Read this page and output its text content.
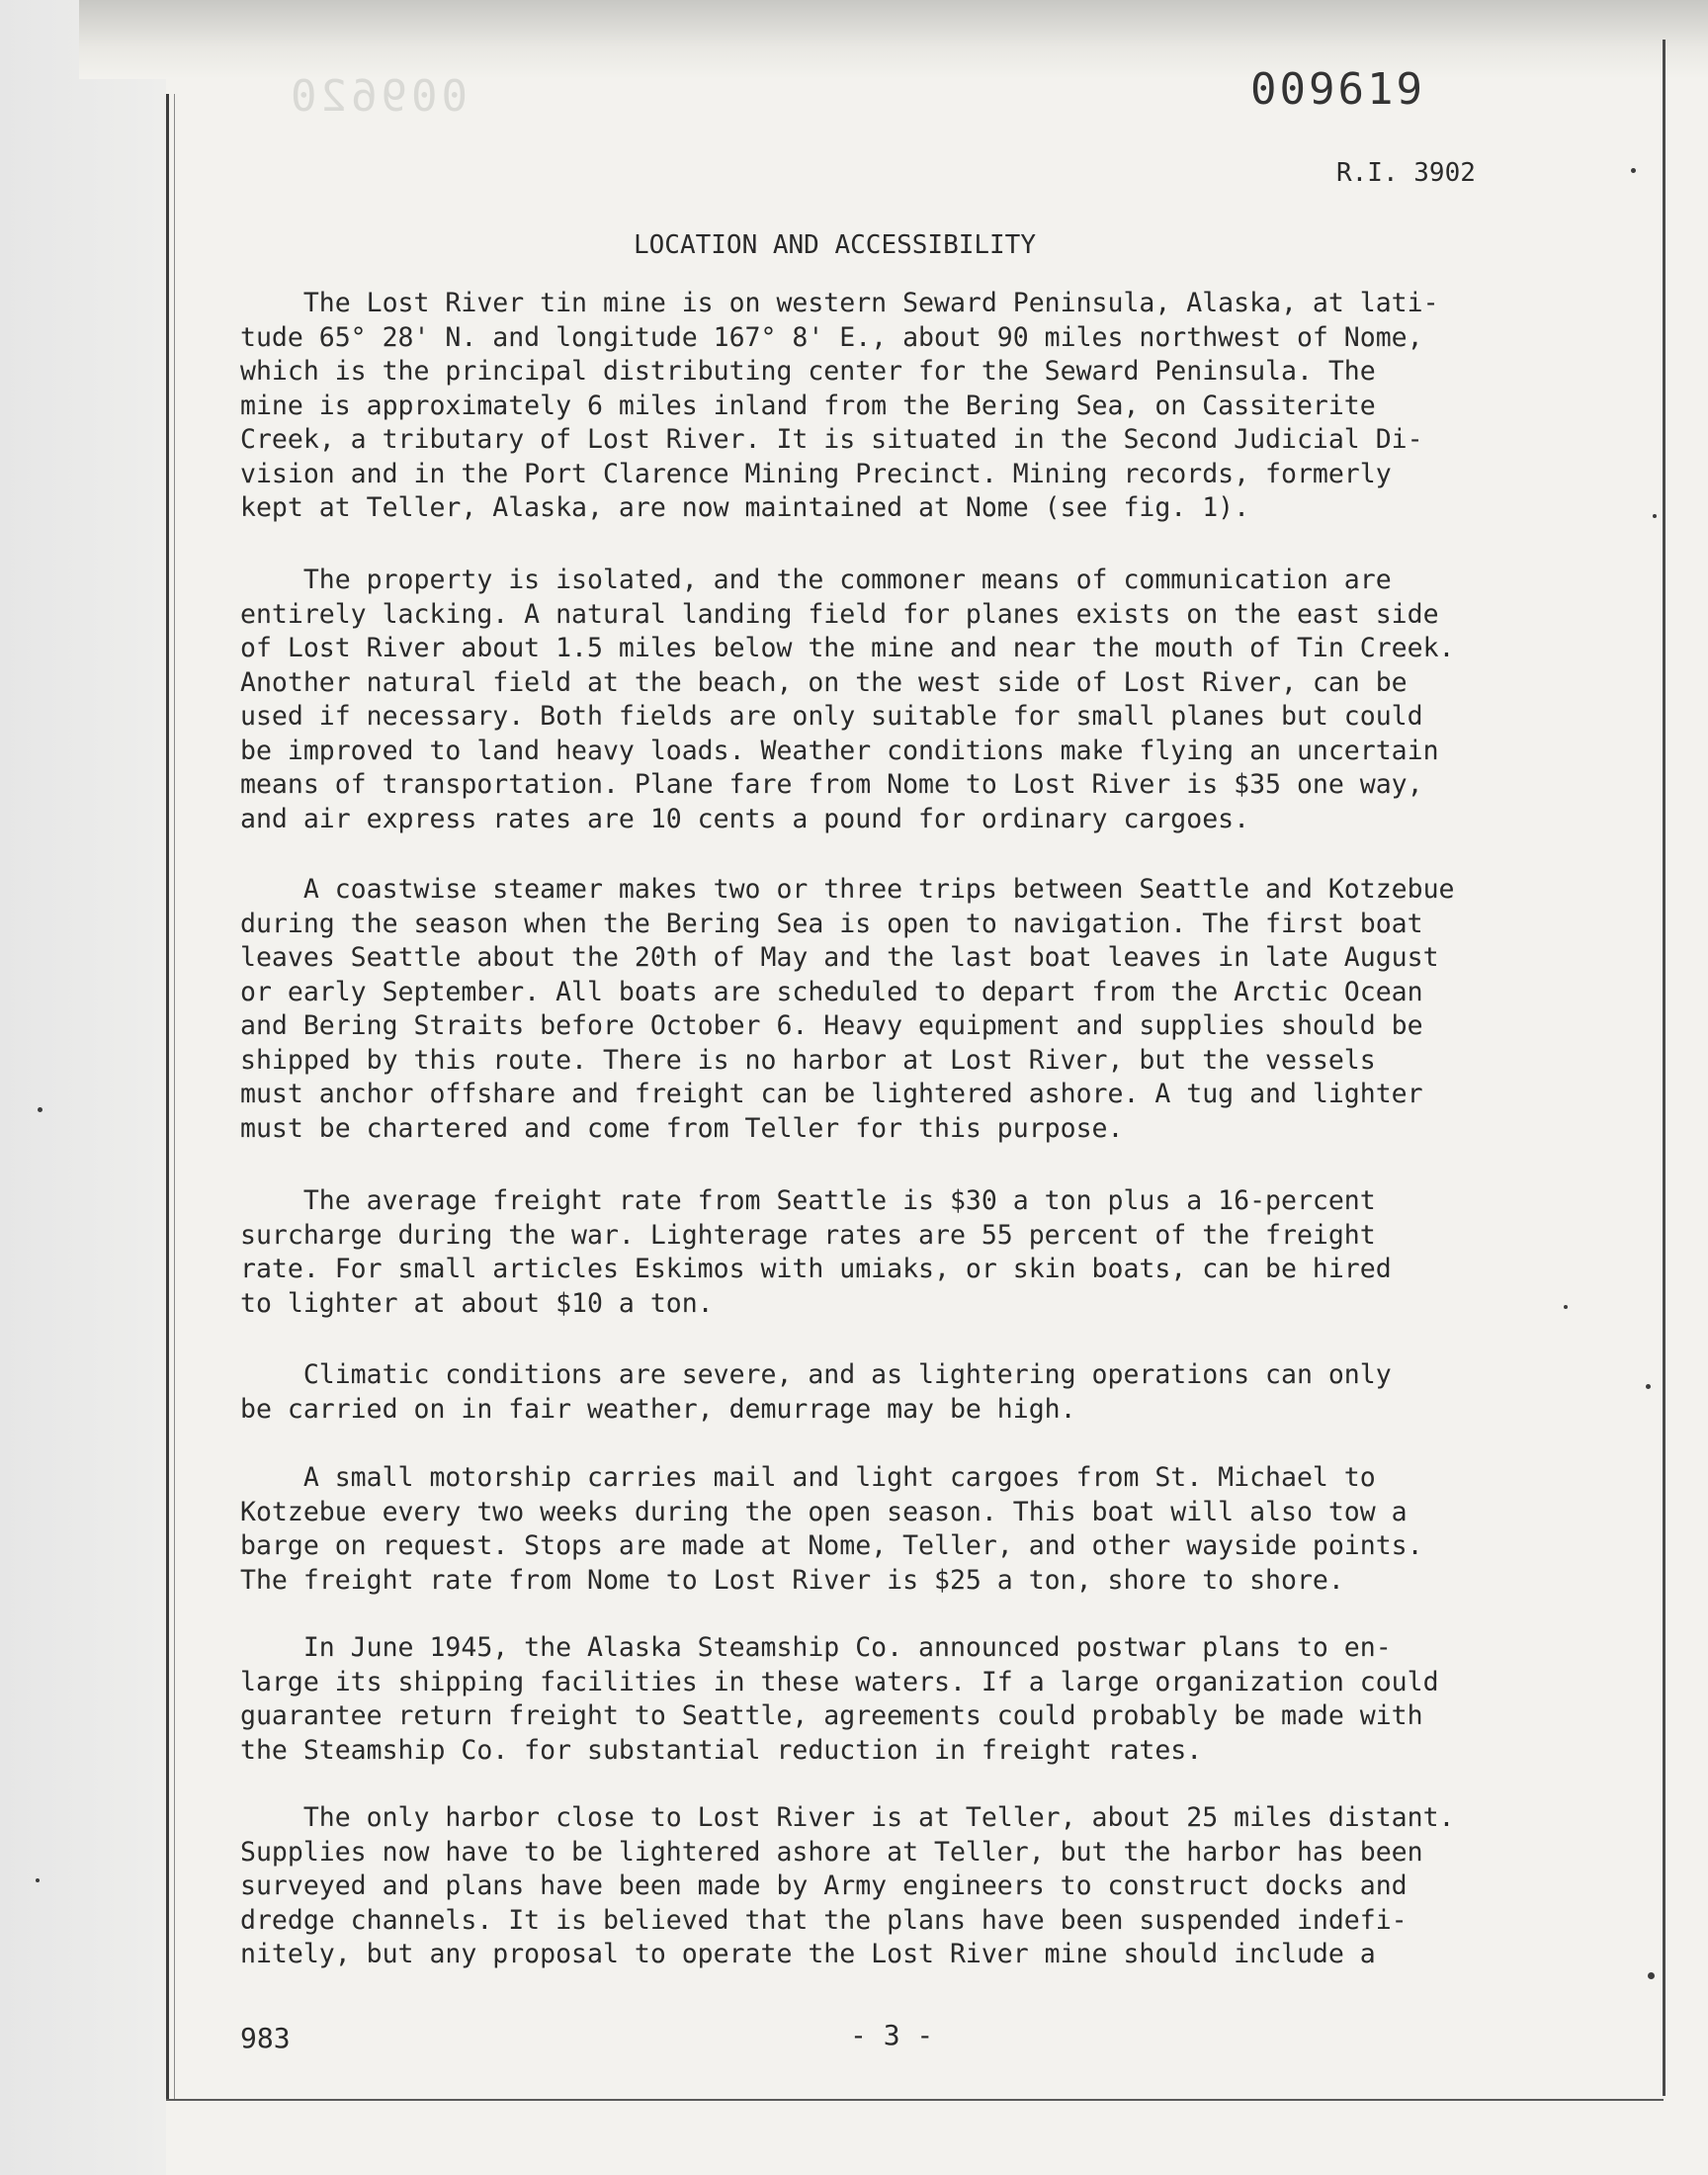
009620	009619
R.I. 3902
LOCATION AND ACCESSIBILITY

The Lost River tin mine is on western Seward Peninsula, Alaska, at lati-
tude 65° 28' N. and longitude 167° 8' E., about 90 miles northwest of Nome,
which is the principal distributing center for the Seward Peninsula. The
mine is approximately 6 miles inland from the Bering Sea, on Cassiterite
Creek, a tributary of Lost River. It is situated in the Second Judicial Di-
vision and in the Port Clarence Mining Precinct. Mining records, formerly
kept at Teller, Alaska, are now maintained at Nome (see fig. 1).

The property is isolated, and the commoner means of communication are
entirely lacking. A natural landing field for planes exists on the east side
of Lost River about 1.5 miles below the mine and near the mouth of Tin Creek.
Another natural field at the beach, on the west side of Lost River, can be
used if necessary. Both fields are only suitable for small planes but could
be improved to land heavy loads. Weather conditions make flying an uncertain
means of transportation. Plane fare from Nome to Lost River is $35 one way,
and air express rates are 10 cents a pound for ordinary cargoes.

A coastwise steamer makes two or three trips between Seattle and Kotzebue
during the season when the Bering Sea is open to navigation. The first boat
leaves Seattle about the 20th of May and the last boat leaves in late August
or early September. All boats are scheduled to depart from the Arctic Ocean
and Bering Straits before October 6. Heavy equipment and supplies should be
shipped by this route. There is no harbor at Lost River, but the vessels
must anchor offshare and freight can be lightered ashore. A tug and lighter
must be chartered and come from Teller for this purpose.

The average freight rate from Seattle is $30 a ton plus a 16-percent
surcharge during the war. Lighterage rates are 55 percent of the freight
rate. For small articles Eskimos with umiaks, or skin boats, can be hired
to lighter at about $10 a ton.

Climatic conditions are severe, and as lightering operations can only
be carried on in fair weather, demurrage may be high.

A small motorship carries mail and light cargoes from St. Michael to
Kotzebue every two weeks during the open season. This boat will also tow a
barge on request. Stops are made at Nome, Teller, and other wayside points.
The freight rate from Nome to Lost River is $25 a ton, shore to shore.

In June 1945, the Alaska Steamship Co. announced postwar plans to en-
large its shipping facilities in these waters. If a large organization could
guarantee return freight to Seattle, agreements could probably be made with
the Steamship Co. for substantial reduction in freight rates.

The only harbor close to Lost River is at Teller, about 25 miles distant.
Supplies now have to be lightered ashore at Teller, but the harbor has been
surveyed and plans have been made by Army engineers to construct docks and
dredge channels. It is believed that the plans have been suspended indefi-
nitely, but any proposal to operate the Lost River mine should include a

983	- 3 -
